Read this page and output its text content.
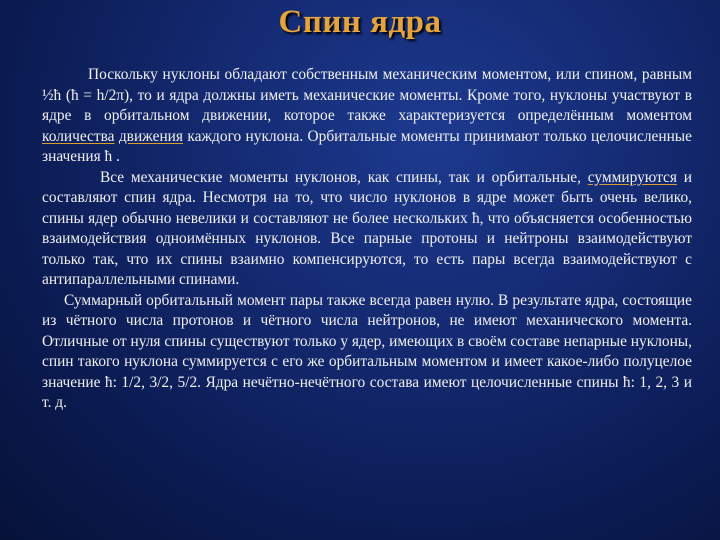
Спин ядра

Поскольку нуклоны обладают собственным механическим моментом, или спином, равным ½ħ (ħ = h/2π), то и ядра должны иметь механические моменты. Кроме того, нуклоны участвуют в ядре в орбитальном движении, которое также характеризуется определённым моментом количества движения каждого нуклона. Орбитальные моменты принимают только целочисленные значения ħ .

Все механические моменты нуклонов, как спины, так и орбитальные, суммируются и составляют спин ядра. Несмотря на то, что число нуклонов в ядре может быть очень велико, спины ядер обычно невелики и составляют не более нескольких ħ, что объясняется особенностью взаимодействия одноимённых нуклонов. Все парные протоны и нейтроны взаимодействуют только так, что их спины взаимно компенсируются, то есть пары всегда взаимодействуют с антипараллельными спинами.

Суммарный орбитальный момент пары также всегда равен нулю. В результате ядра, состоящие из чётного числа протонов и чётного числа нейтронов, не имеют механического момента. Отличные от нуля спины существуют только у ядер, имеющих в своём составе непарные нуклоны, спин такого нуклона суммируется с его же орбитальным моментом и имеет какое-либо полуцелое значение ħ: 1/2, 3/2, 5/2. Ядра нечётно-нечётного состава имеют целочисленные спины ħ: 1, 2, 3 и т. д.
